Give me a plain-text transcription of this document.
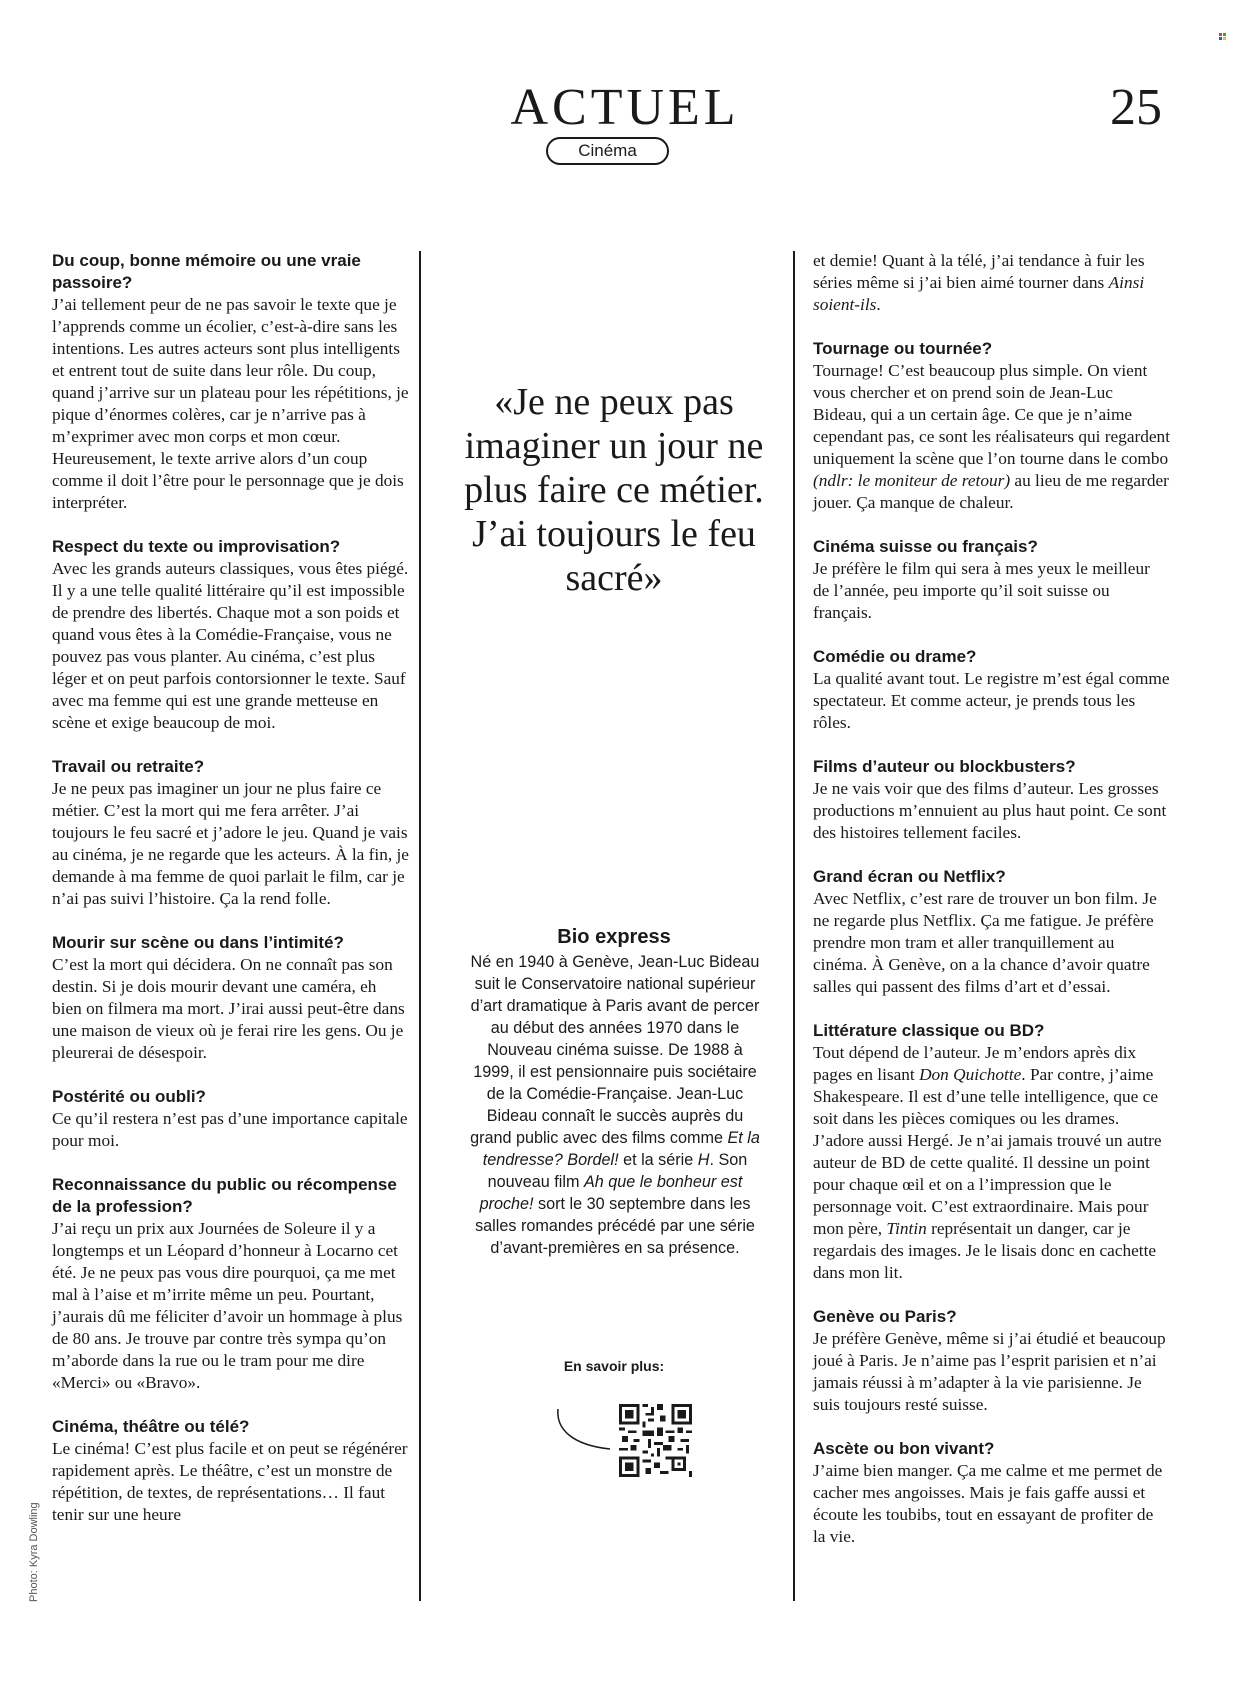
ACTUEL	25
Cinéma

Du coup, bonne mémoire ou une vraie passoire?

J’ai tellement peur de ne pas savoir le texte que je l’apprends comme un écolier, c’est-à-dire sans les intentions. Les autres acteurs sont plus intelligents et entrent tout de suite dans leur rôle. Du coup, quand j’arrive sur un plateau pour les répétitions, je pique d’énormes colères, car je n’arrive pas à m’exprimer avec mon corps et mon cœur. Heureusement, le texte arrive alors d’un coup comme il doit l’être pour le personnage que je dois interpréter.

Respect du texte ou improvisation?

Avec les grands auteurs classiques, vous êtes piégé. Il y a une telle qualité littéraire qu’il est impossible de prendre des libertés. Chaque mot a son poids et quand vous êtes à la Comédie-Française, vous ne pouvez pas vous planter. Au cinéma, c’est plus léger et on peut parfois contorsionner le texte. Sauf avec ma femme qui est une grande metteuse en scène et exige beaucoup de moi.

Travail ou retraite?

Je ne peux pas imaginer un jour ne plus faire ce métier. C’est la mort qui me fera arrêter. J’ai toujours le feu sacré et j’adore le jeu. Quand je vais au cinéma, je ne regarde que les acteurs. À la fin, je demande à ma femme de quoi parlait le film, car je n’ai pas suivi l’histoire. Ça la rend folle.

Mourir sur scène ou dans l’intimité?

C’est la mort qui décidera. On ne connaît pas son destin. Si je dois mourir devant une caméra, eh bien on filmera ma mort. J’irai aussi peut-être dans une maison de vieux où je ferai rire les gens. Ou je pleurerai de désespoir.

Postérité ou oubli?

Ce qu’il restera n’est pas d’une importance capitale pour moi.

Reconnaissance du public ou récompense de la profession?

J’ai reçu un prix aux Journées de Soleure il y a longtemps et un Léopard d’honneur à Locarno cet été. Je ne peux pas vous dire pourquoi, ça me met mal à l’aise et m’irrite même un peu. Pourtant, j’aurais dû me féliciter d’avoir un hommage à plus de 80 ans. Je trouve par contre très sympa qu’on m’aborde dans la rue ou le tram pour me dire «Merci» ou «Bravo».

Cinéma, théâtre ou télé?

Le cinéma! C’est plus facile et on peut se régénérer rapidement après. Le théâtre, c’est un monstre de répétition, de textes, de représentations… Il faut tenir sur une heure

«Je ne peux pas imaginer un jour ne plus faire ce métier. J’ai toujours le feu sacré»
Bio express
Né en 1940 à Genève, Jean-Luc Bideau suit le Conservatoire national supérieur d’art dramatique à Paris avant de percer au début des années 1970 dans le Nouveau cinéma suisse. De 1988 à 1999, il est pensionnaire puis sociétaire de la Comédie-Française. Jean-Luc Bideau connaît le succès auprès du grand public avec des films comme Et la tendresse? Bordel! et la série H. Son nouveau film Ah que le bonheur est proche! sort le 30 septembre dans les salles romandes précédé par une série d’avant-premières en sa présence.
En savoir plus:

et demie! Quant à la télé, j’ai tendance à fuir les séries même si j’ai bien aimé tourner dans Ainsi soient-ils.

Tournage ou tournée?

Tournage! C’est beaucoup plus simple. On vient vous chercher et on prend soin de Jean-Luc Bideau, qui a un certain âge. Ce que je n’aime cependant pas, ce sont les réalisateurs qui regardent uniquement la scène que l’on tourne dans le combo (ndlr: le moniteur de retour) au lieu de me regarder jouer. Ça manque de chaleur.

Cinéma suisse ou français?

Je préfère le film qui sera à mes yeux le meilleur de l’année, peu importe qu’il soit suisse ou français.

Comédie ou drame?

La qualité avant tout. Le registre m’est égal comme spectateur. Et comme acteur, je prends tous les rôles.

Films d’auteur ou blockbusters?

Je ne vais voir que des films d’auteur. Les grosses productions m’ennuient au plus haut point. Ce sont des histoires tellement faciles.

Grand écran ou Netflix?

Avec Netflix, c’est rare de trouver un bon film. Je ne regarde plus Netflix. Ça me fatigue. Je préfère prendre mon tram et aller tranquillement au cinéma. À Genève, on a la chance d’avoir quatre salles qui passent des films d’art et d’essai.

Littérature classique ou BD?

Tout dépend de l’auteur. Je m’endors après dix pages en lisant Don Quichotte. Par contre, j’aime Shakespeare. Il est d’une telle intelligence, que ce soit dans les pièces comiques ou les drames. J’adore aussi Hergé. Je n’ai jamais trouvé un autre auteur de BD de cette qualité. Il dessine un point pour chaque œil et on a l’impression que le personnage voit. C’est extraordinaire. Mais pour mon père, Tintin représentait un danger, car je regardais des images. Je le lisais donc en cachette dans mon lit.

Genève ou Paris?

Je préfère Genève, même si j’ai étudié et beaucoup joué à Paris. Je n’aime pas l’esprit parisien et n’ai jamais réussi à m’adapter à la vie parisienne. Je suis toujours resté suisse.

Ascète ou bon vivant?

J’aime bien manger. Ça me calme et me permet de cacher mes angoisses. Mais je fais gaffe aussi et écoute les toubibs, tout en essayant de profiter de la vie.

Photo: Kyra Dowling
